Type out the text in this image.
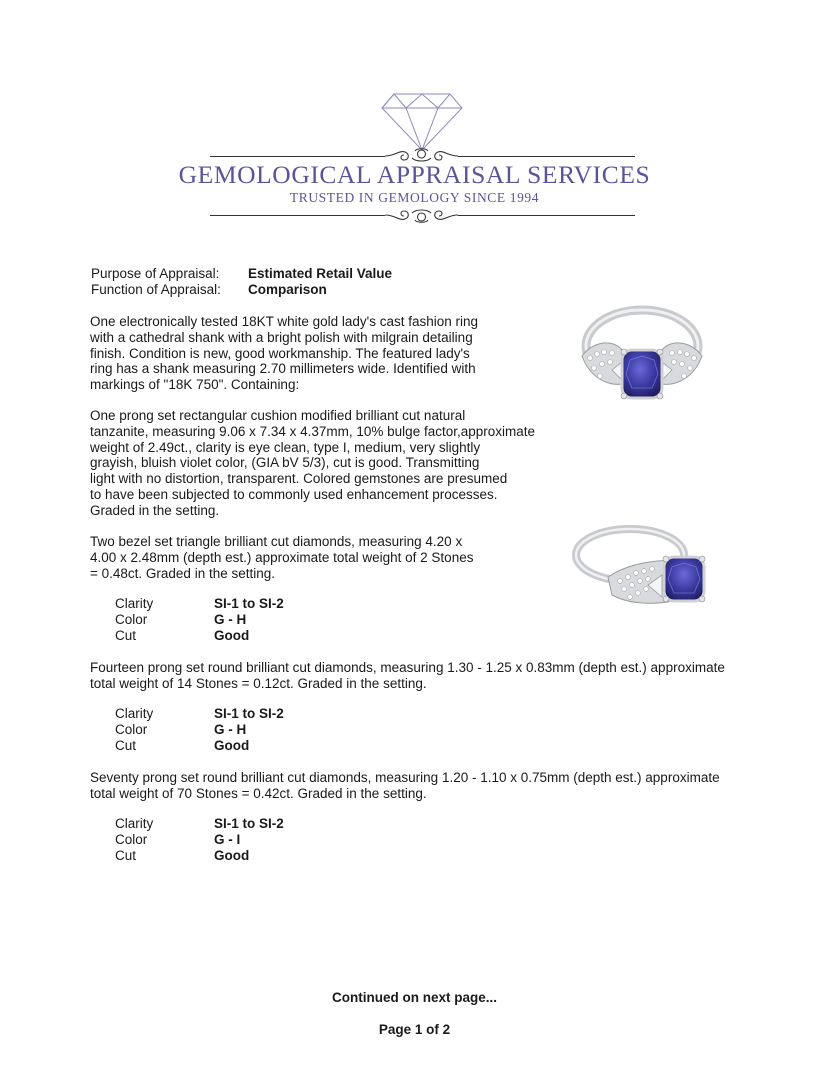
GEMOLOGICAL APPRAISAL SERVICES
TRUSTED IN GEMOLOGY SINCE 1994
Purpose of Appraisal: Estimated Retail Value
Function of Appraisal: Comparison
One electronically tested 18KT white gold lady's cast fashion ring
with a cathedral shank with a bright polish with milgrain detailing
finish. Condition is new, good workmanship. The featured lady's
ring has a shank measuring 2.70 millimeters wide. Identified with
markings of "18K 750". Containing:
One prong set rectangular cushion modified brilliant cut natural
tanzanite, measuring 9.06 x 7.34 x 4.37mm, 10% bulge factor,approximate
weight of 2.49ct., clarity is eye clean, type I, medium, very slightly
grayish, bluish violet color, (GIA bV 5/3), cut is good. Transmitting
light with no distortion, transparent. Colored gemstones are presumed
to have been subjected to commonly used enhancement processes.
Graded in the setting.
Two bezel set triangle brilliant cut diamonds, measuring 4.20 x
4.00 x 2.48mm (depth est.) approximate total weight of 2 Stones
= 0.48ct. Graded in the setting.
Clarity	SI-1 to SI-2
Color	G - H
Cut	Good
Fourteen prong set round brilliant cut diamonds, measuring 1.30 - 1.25 x 0.83mm (depth est.) approximate
total weight of 14 Stones = 0.12ct. Graded in the setting.
Clarity	SI-1 to SI-2
Color	G - H
Cut	Good
Seventy prong set round brilliant cut diamonds, measuring 1.20 - 1.10 x 0.75mm (depth est.) approximate
total weight of 70 Stones = 0.42ct. Graded in the setting.
Clarity	SI-1 to SI-2
Color	G - I
Cut	Good
Continued on next page...
Page 1 of 2
